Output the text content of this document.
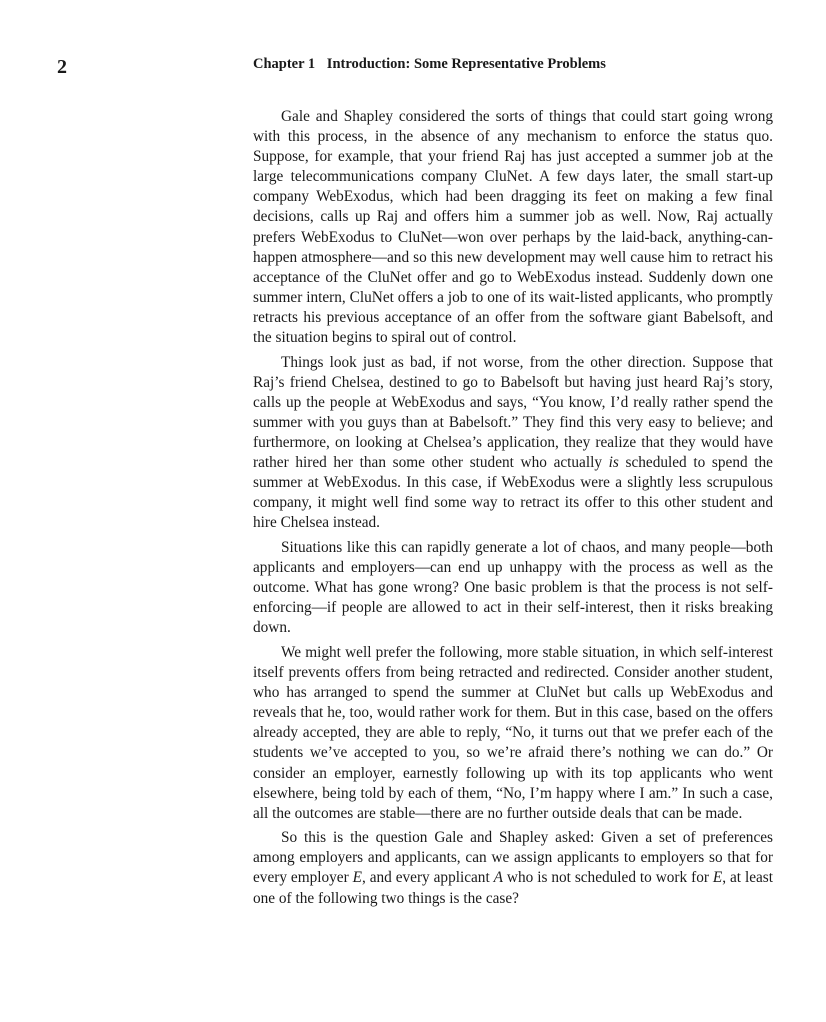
2	Chapter 1 Introduction: Some Representative Problems

Gale and Shapley considered the sorts of things that could start going wrong with this process, in the absence of any mechanism to enforce the status quo. Suppose, for example, that your friend Raj has just accepted a summer job at the large telecommunications company CluNet. A few days later, the small start-up company WebExodus, which had been dragging its feet on making a few final decisions, calls up Raj and offers him a summer job as well. Now, Raj actually prefers WebExodus to CluNet—won over perhaps by the laid-back, anything-can-happen atmosphere—and so this new development may well cause him to retract his acceptance of the CluNet offer and go to WebExodus instead. Suddenly down one summer intern, CluNet offers a job to one of its wait-listed applicants, who promptly retracts his previous acceptance of an offer from the software giant Babelsoft, and the situation begins to spiral out of control.

Things look just as bad, if not worse, from the other direction. Suppose that Raj’s friend Chelsea, destined to go to Babelsoft but having just heard Raj’s story, calls up the people at WebExodus and says, “You know, I’d really rather spend the summer with you guys than at Babelsoft.” They find this very easy to believe; and furthermore, on looking at Chelsea’s application, they realize that they would have rather hired her than some other student who actually is scheduled to spend the summer at WebExodus. In this case, if WebExodus were a slightly less scrupulous company, it might well find some way to retract its offer to this other student and hire Chelsea instead.

Situations like this can rapidly generate a lot of chaos, and many people—both applicants and employers—can end up unhappy with the process as well as the outcome. What has gone wrong? One basic problem is that the process is not self-enforcing—if people are allowed to act in their self-interest, then it risks breaking down.

We might well prefer the following, more stable situation, in which self-interest itself prevents offers from being retracted and redirected. Consider another student, who has arranged to spend the summer at CluNet but calls up WebExodus and reveals that he, too, would rather work for them. But in this case, based on the offers already accepted, they are able to reply, “No, it turns out that we prefer each of the students we’ve accepted to you, so we’re afraid there’s nothing we can do.” Or consider an employer, earnestly following up with its top applicants who went elsewhere, being told by each of them, “No, I’m happy where I am.” In such a case, all the outcomes are stable—there are no further outside deals that can be made.

So this is the question Gale and Shapley asked: Given a set of preferences among employers and applicants, can we assign applicants to employers so that for every employer E, and every applicant A who is not scheduled to work for E, at least one of the following two things is the case?
